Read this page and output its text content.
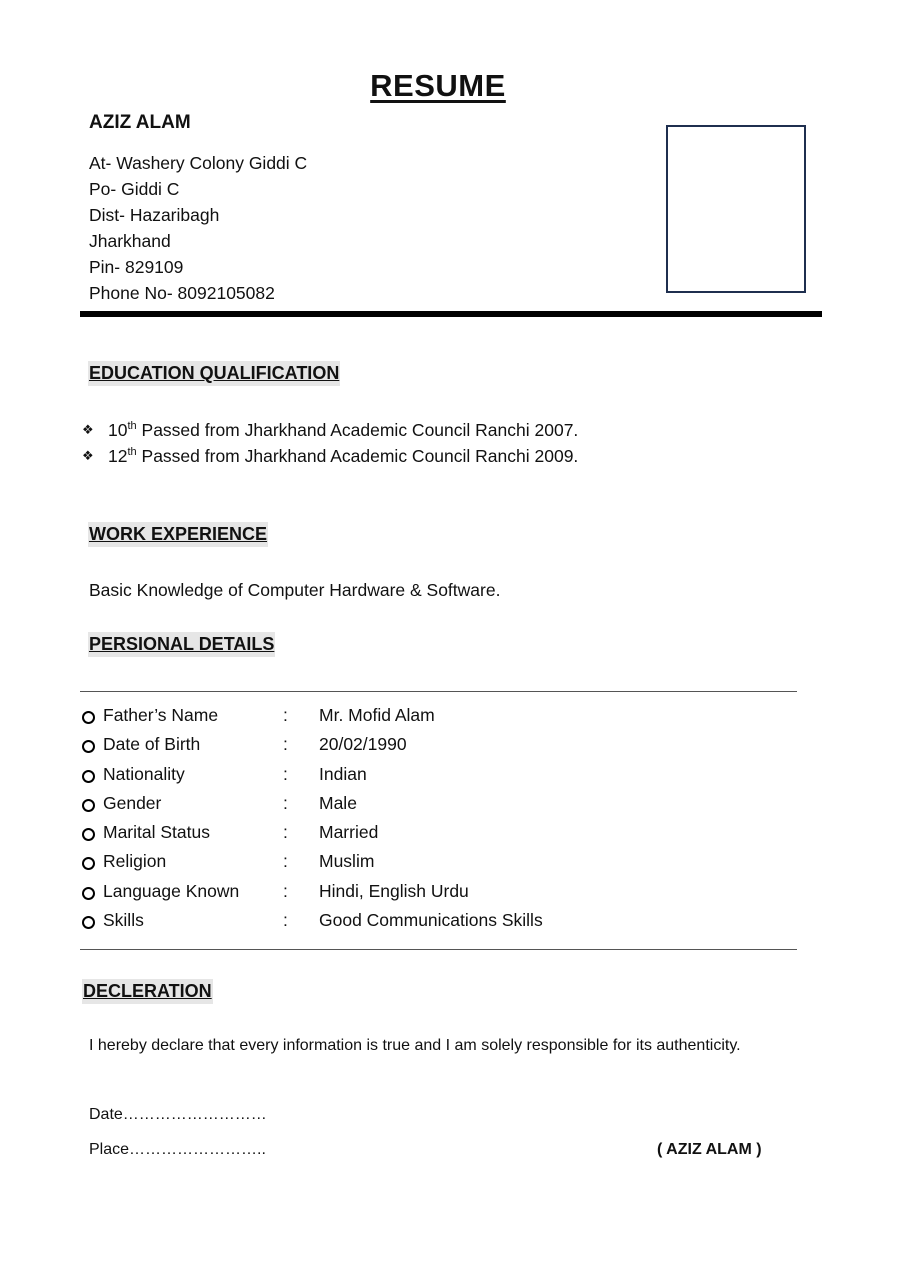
RESUME
AZIZ ALAM
At- Washery Colony Giddi C
Po- Giddi C
Dist- Hazaribagh
Jharkhand
Pin- 829109
Phone No- 8092105082
EDUCATION QUALIFICATION
❖ 10th Passed from Jharkhand Academic Council Ranchi 2007.
❖ 12th Passed from Jharkhand Academic Council Ranchi 2009.
WORK EXPERIENCE
Basic Knowledge of Computer Hardware & Software.
PERSIONAL DETAILS
Father’s Name	: Mr. Mofid Alam
Date of Birth	: 20/02/1990
Nationality	: Indian
Gender	: Male
Marital Status	: Married
Religion	: Muslim
Language Known	: Hindi, English Urdu
Skills	: Good Communications Skills
DECLERATION
I hereby declare that every information is true and I am solely responsible for its authenticity.
Date………………………
Place……………………..	( AZIZ ALAM )
